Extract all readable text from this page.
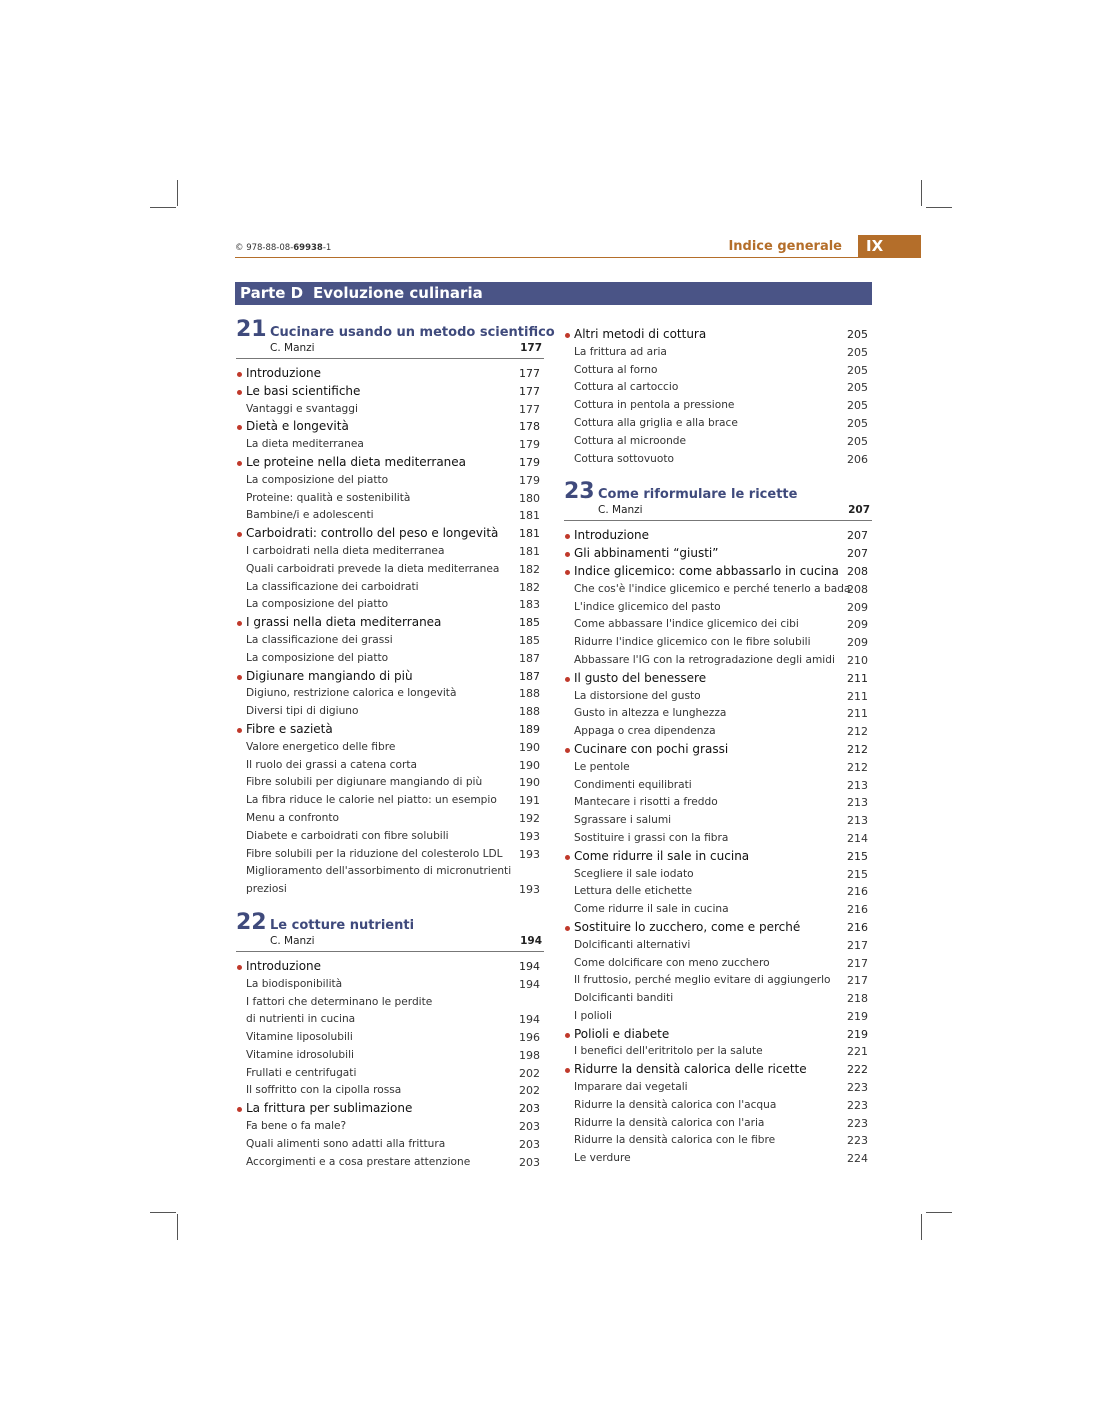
© 978-88-08-69938-1	Indice generale	IX
Parte D Evoluzione culinaria
21 Cucinare usando un metodo scientifico
C. Manzi	177
Introduzione	177
Le basi scientifiche	177
Vantaggi e svantaggi	177
Dietà e longevità	178
La dieta mediterranea	179
Le proteine nella dieta mediterranea	179
La composizione del piatto	179
Proteine: qualità e sostenibilità	180
Bambine/i e adolescenti	181
Carboidrati: controllo del peso e longevità 181
I carboidrati nella dieta mediterranea	181
Quali carboidrati prevede la dieta mediterranea 182
La classificazione dei carboidrati	182
La composizione del piatto	183
I grassi nella dieta mediterranea	185
La classificazione dei grassi	185
La composizione del piatto	187
Digiunare mangiando di più	187
Digiuno, restrizione calorica e longevità	188
Diversi tipi di digiuno	188
Fibre e sazietà	189
Valore energetico delle fibre	190
Il ruolo dei grassi a catena corta	190
Fibre solubili per digiunare mangiando di più	190
La fibra riduce le calorie nel piatto: un esempio 191
Menu a confronto	192
Diabete e carboidrati con fibre solubili	193
Fibre solubili per la riduzione del colesterolo LDL 193
Miglioramento dell'assorbimento di micronutrienti
preziosi	193
22 Le cotture nutrienti
C. Manzi	194
Introduzione	194
La biodisponibilità	194
I fattori che determinano le perdite
di nutrienti in cucina	194
Vitamine liposolubili	196
Vitamine idrosolubili	198
Frullati e centrifugati	202
Il soffritto con la cipolla rossa	202
La frittura per sublimazione	203
Fa bene o fa male?	203
Quali alimenti sono adatti alla frittura	203
Accorgimenti e a cosa prestare attenzione	203
Altri metodi di cottura	205
La frittura ad aria	205
Cottura al forno	205
Cottura al cartoccio	205
Cottura in pentola a pressione	205
Cottura alla griglia e alla brace	205
Cottura al microonde	205
Cottura sottovuoto	206
23 Come riformulare le ricette
C. Manzi	207
Introduzione	207
Gli abbinamenti “giusti”	207
Indice glicemico: come abbassarlo in cucina 208
Che cos'è l'indice glicemico e perché tenerlo a bada
208
L'indice glicemico del pasto	209
Come abbassare l'indice glicemico dei cibi	209
Ridurre l'indice glicemico con le fibre solubili	209
Abbassare l'IG con la retrogradazione degli amidi 210
Il gusto del benessere	211
La distorsione del gusto	211
Gusto in altezza e lunghezza	211
Appaga o crea dipendenza	212
Cucinare con pochi grassi	212
Le pentole	212
Condimenti equilibrati	213
Mantecare i risotti a freddo	213
Sgrassare i salumi	213
Sostituire i grassi con la fibra	214
Come ridurre il sale in cucina	215
Scegliere il sale iodato	215
Lettura delle etichette	216
Come ridurre il sale in cucina	216
Sostituire lo zucchero, come e perché	216
Dolcificanti alternativi	217
Come dolcificare con meno zucchero	217
Il fruttosio, perché meglio evitare di aggiungerlo 217
Dolcificanti banditi	218
I polioli	219
Polioli e diabete	219
I benefici dell'eritritolo per la salute	221
Ridurre la densità calorica delle ricette	222
Imparare dai vegetali	223
Ridurre la densità calorica con l'acqua	223
Ridurre la densità calorica con l'aria	223
Ridurre la densità calorica con le fibre	223
Le verdure	224
